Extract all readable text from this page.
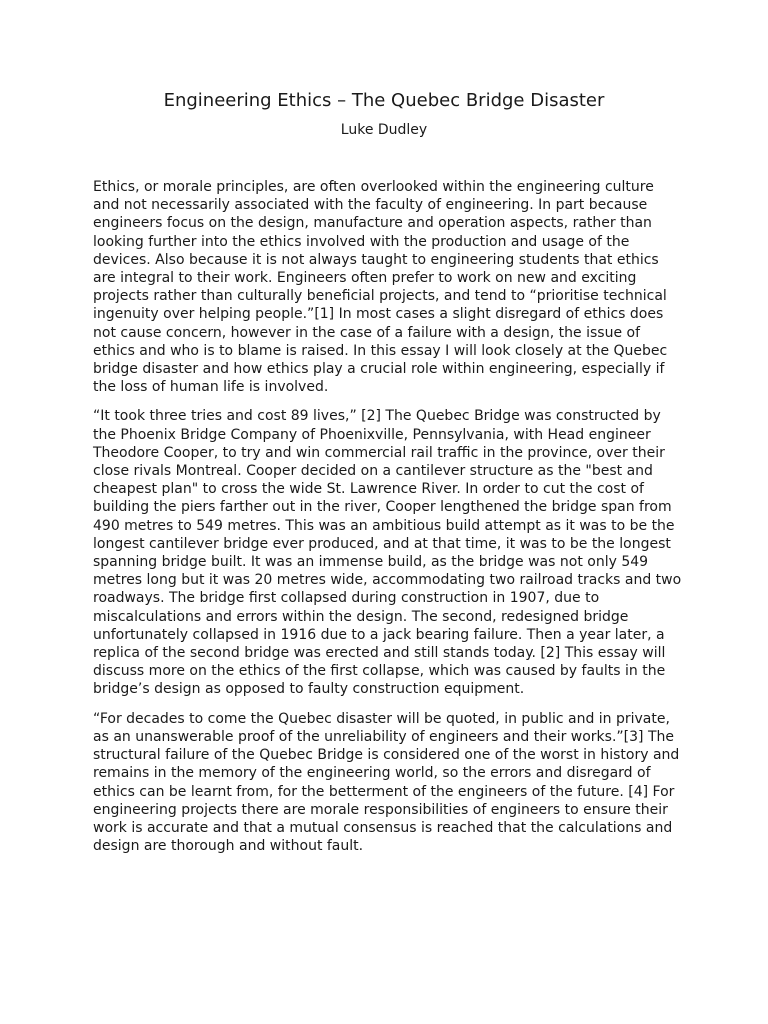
Engineering Ethics – The Quebec Bridge Disaster
Luke Dudley

Ethics, or morale principles, are often overlooked within the engineering culture and not necessarily associated with the faculty of engineering. In part because engineers focus on the design, manufacture and operation aspects, rather than looking further into the ethics involved with the production and usage of the devices. Also because it is not always taught to engineering students that ethics are integral to their work. Engineers often prefer to work on new and exciting projects rather than culturally beneficial projects, and tend to “prioritise technical ingenuity over helping people.”[1] In most cases a slight disregard of ethics does not cause concern, however in the case of a failure with a design, the issue of ethics and who is to blame is raised. In this essay I will look closely at the Quebec bridge disaster and how ethics play a crucial role within engineering, especially if the loss of human life is involved.

“It took three tries and cost 89 lives,” [2] The Quebec Bridge was constructed by the Phoenix Bridge Company of Phoenixville, Pennsylvania, with Head engineer Theodore Cooper, to try and win commercial rail traffic in the province, over their close rivals Montreal. Cooper decided on a cantilever structure as the "best and cheapest plan" to cross the wide St. Lawrence River. In order to cut the cost of building the piers farther out in the river, Cooper lengthened the bridge span from 490 metres to 549 metres. This was an ambitious build attempt as it was to be the longest cantilever bridge ever produced, and at that time, it was to be the longest spanning bridge built. It was an immense build, as the bridge was not only 549 metres long but it was 20 metres wide, accommodating two railroad tracks and two roadways. The bridge first collapsed during construction in 1907, due to miscalculations and errors within the design. The second, redesigned bridge unfortunately collapsed in 1916 due to a jack bearing failure. Then a year later, a replica of the second bridge was erected and still stands today. [2] This essay will discuss more on the ethics of the first collapse, which was caused by faults in the bridge’s design as opposed to faulty construction equipment.

“For decades to come the Quebec disaster will be quoted, in public and in private, as an unanswerable proof of the unreliability of engineers and their works.”[3] The structural failure of the Quebec Bridge is considered one of the worst in history and remains in the memory of the engineering world, so the errors and disregard of ethics can be learnt from, for the betterment of the engineers of the future. [4] For engineering projects there are morale responsibilities of engineers to ensure their work is accurate and that a mutual consensus is reached that the calculations and design are thorough and without fault.
